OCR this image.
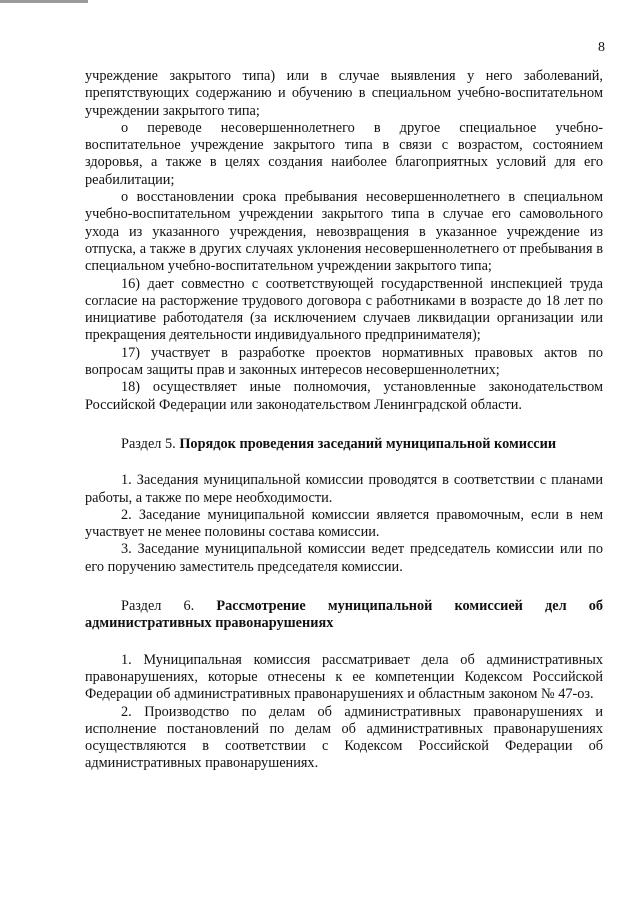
8

учреждение закрытого типа) или в случае выявления у него заболеваний, препятствующих содержанию и обучению в специальном учебно-воспитательном учреждении закрытого типа;

о переводе несовершеннолетнего в другое специальное учебно-воспитательное учреждение закрытого типа в связи с возрастом, состоянием здоровья, а также в целях создания наиболее благоприятных условий для его реабилитации;

о восстановлении срока пребывания несовершеннолетнего в специальном учебно-воспитательном учреждении закрытого типа в случае его самовольного ухода из указанного учреждения, невозвращения в указанное учреждение из отпуска, а также в других случаях уклонения несовершеннолетнего от пребывания в специальном учебно-воспитательном учреждении закрытого типа;

16) дает совместно с соответствующей государственной инспекцией труда согласие на расторжение трудового договора с работниками в возрасте до 18 лет по инициативе работодателя (за исключением случаев ликвидации организации или прекращения деятельности индивидуального предпринимателя);

17) участвует в разработке проектов нормативных правовых актов по вопросам защиты прав и законных интересов несовершеннолетних;

18) осуществляет иные полномочия, установленные законодательством Российской Федерации или законодательством Ленинградской области.

Раздел 5. Порядок проведения заседаний муниципальной комиссии

1. Заседания муниципальной комиссии проводятся в соответствии с планами работы, а также по мере необходимости.

2. Заседание муниципальной комиссии является правомочным, если в нем участвует не менее половины состава комиссии.

3. Заседание муниципальной комиссии ведет председатель комиссии или по его поручению заместитель председателя комиссии.

Раздел 6. Рассмотрение муниципальной комиссией дел об административных правонарушениях

1. Муниципальная комиссия рассматривает дела об административных правонарушениях, которые отнесены к ее компетенции Кодексом Российской Федерации об административных правонарушениях и областным законом № 47-оз.

2. Производство по делам об административных правонарушениях и исполнение постановлений по делам об административных правонарушениях осуществляются в соответствии с Кодексом Российской Федерации об административных правонарушениях.
